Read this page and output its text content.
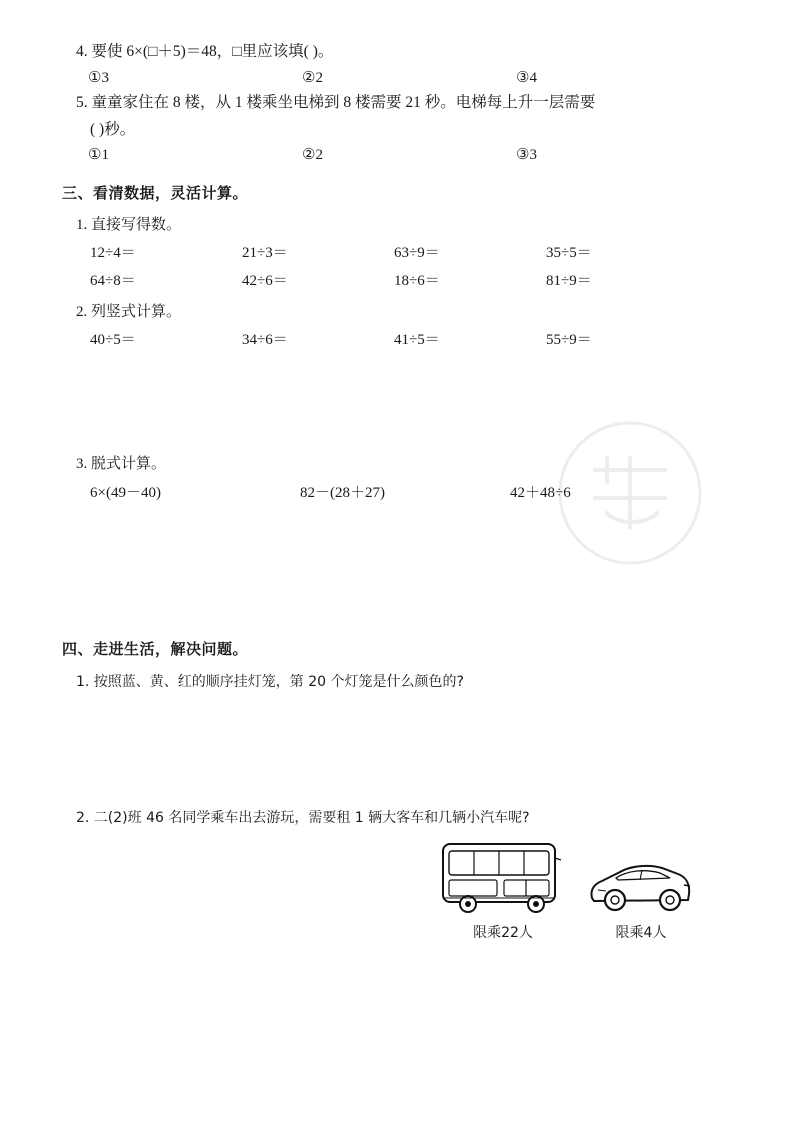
4. 要使 6×(□＋5)＝48，□里应该填( )。
①3	②2	③4
5. 童童家住在 8 楼，从 1 楼乘坐电梯到 8 楼需要 21 秒。电梯每上升一层需要
( )秒。
①1	②2	③3
三、看清数据，灵活计算。
1. 直接写得数。
12÷4＝	21÷3＝	63÷9＝	35÷5＝
64÷8＝	42÷6＝	18÷6＝	81÷9＝
2. 列竖式计算。
40÷5＝	34÷6＝	41÷5＝	55÷9＝
3. 脱式计算。
6×(49－40)	82－(28＋27)	42＋48÷6
四、走进生活，解决问题。
1. 按照蓝、黄、红的顺序挂灯笼，第 20 个灯笼是什么颜色的?
2. 二(2)班 46 名同学乘车出去游玩，需要租 1 辆大客车和几辆小汽车呢?
限乘22人	限乘4人
